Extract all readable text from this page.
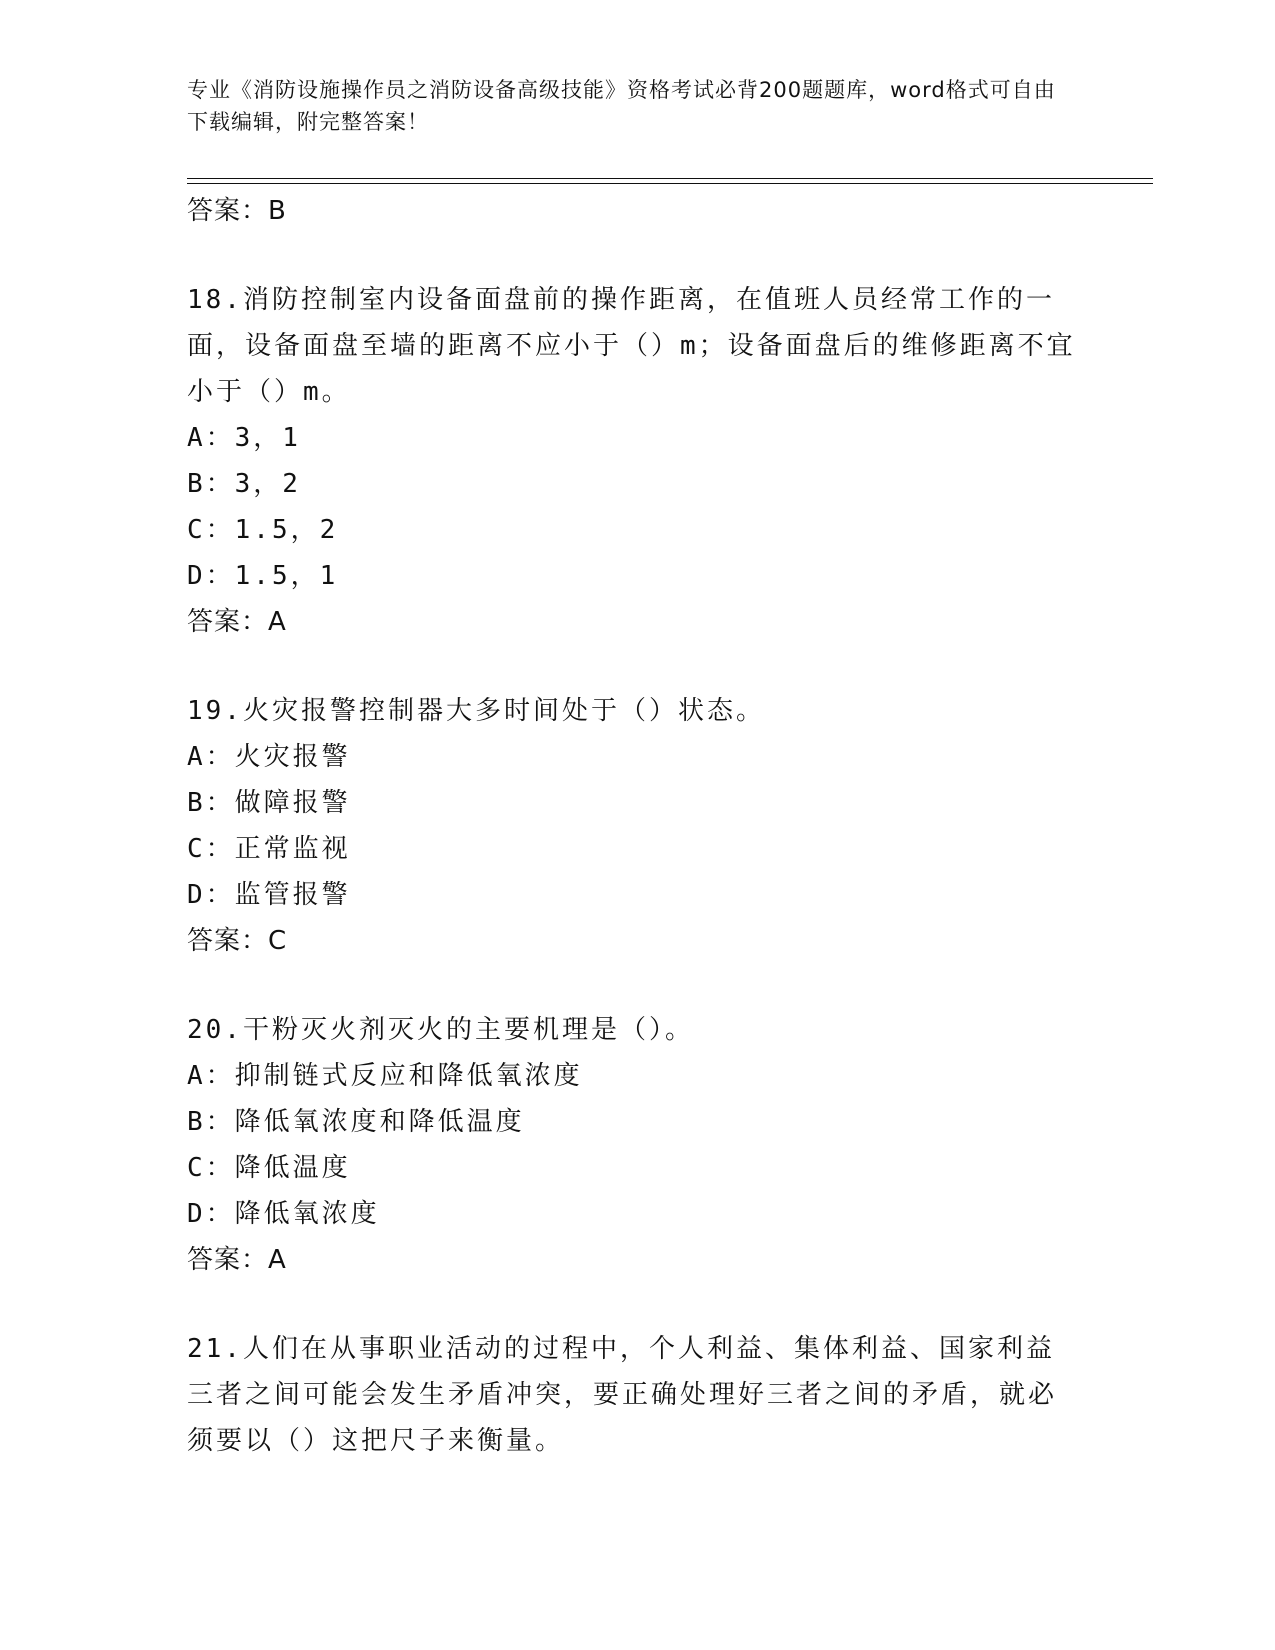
专业《消防设施操作员之消防设备高级技能》资格考试必背200题题库，word格式可自由下载编辑，附完整答案！
答案：B
18.消防控制室内设备面盘前的操作距离，在值班人员经常工作的一面，设备面盘至墙的距离不应小于（）m；设备面盘后的维修距离不宜小于（）m。
A：3，1
B：3，2
C：1.5，2
D：1.5，1
答案：A
19.火灾报警控制器大多时间处于（）状态。
A：火灾报警
B：做障报警
C：正常监视
D：监管报警
答案：C
20.干粉灭火剂灭火的主要机理是（）。
A：抑制链式反应和降低氧浓度
B：降低氧浓度和降低温度
C：降低温度
D：降低氧浓度
答案：A
21.人们在从事职业活动的过程中，个人利益、集体利益、国家利益三者之间可能会发生矛盾冲突，要正确处理好三者之间的矛盾，就必须要以（）这把尺子来衡量。
